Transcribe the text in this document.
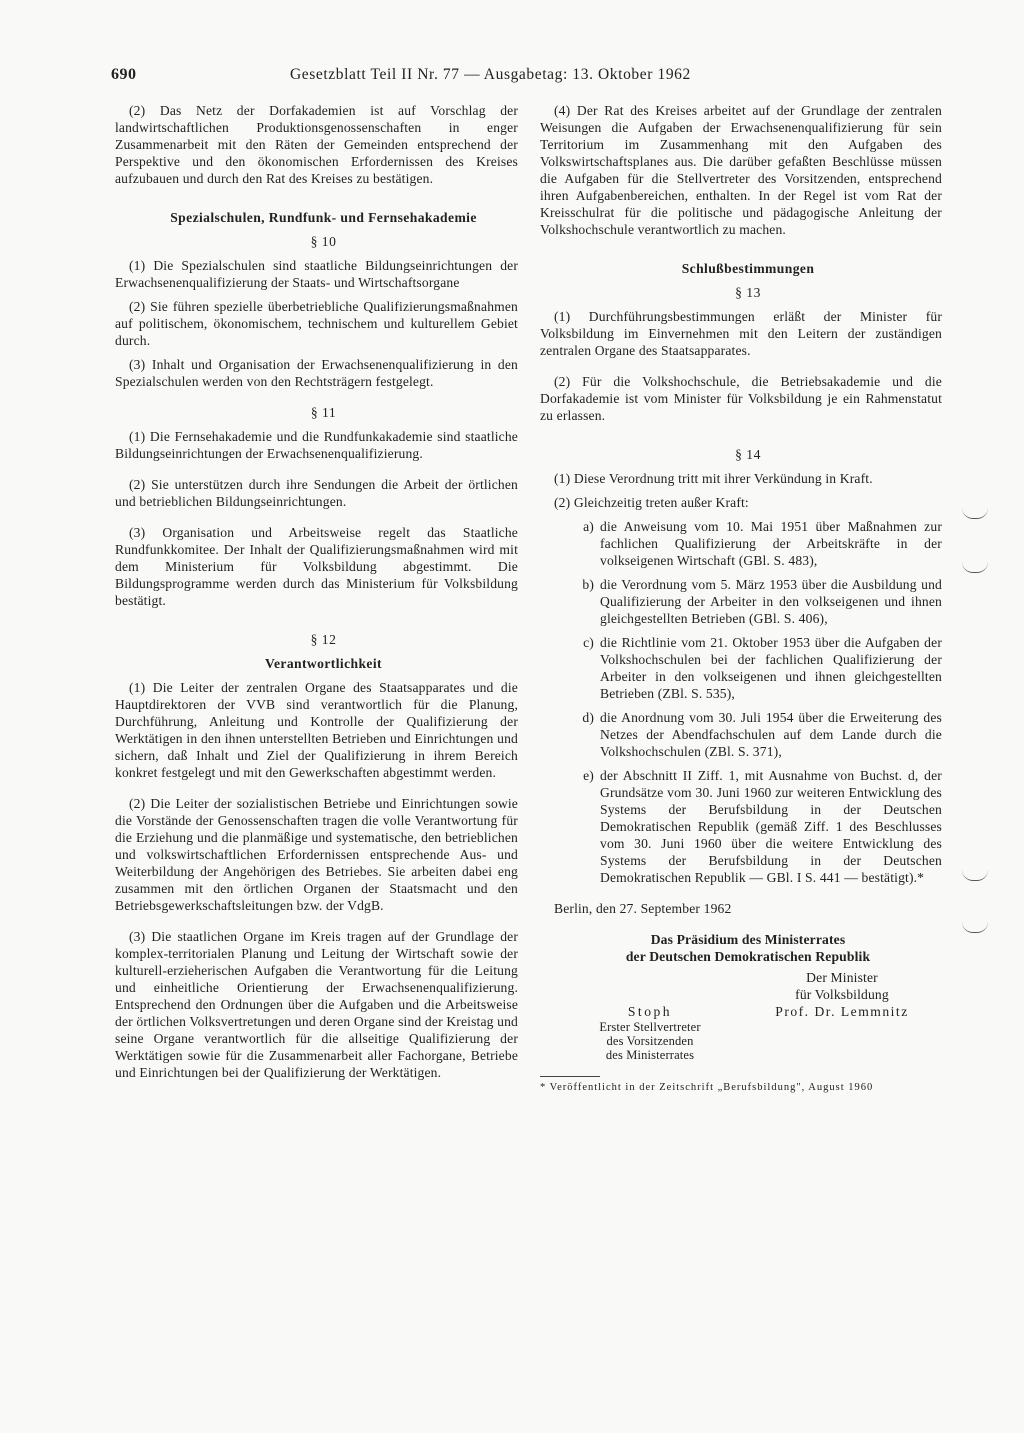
690	Gesetzblatt Teil II Nr. 77 — Ausgabetag: 13. Oktober 1962

(2) Das Netz der Dorfakademien ist auf Vorschlag der landwirtschaftlichen Produktionsgenossenschaften in enger Zusammenarbeit mit den Räten der Gemeinden entsprechend der Perspektive und den ökonomischen Erfordernissen des Kreises aufzubauen und durch den Rat des Kreises zu bestätigen.

Spezialschulen, Rundfunk- und Fernsehakademie

§ 10

(1) Die Spezialschulen sind staatliche Bildungseinrichtungen der Erwachsenenqualifizierung der Staats- und Wirtschaftsorgane

(2) Sie führen spezielle überbetriebliche Qualifizierungsmaßnahmen auf politischem, ökonomischem, technischem und kulturellem Gebiet durch.

(3) Inhalt und Organisation der Erwachsenenqualifizierung in den Spezialschulen werden von den Rechtsträgern festgelegt.

§ 11

(1) Die Fernsehakademie und die Rundfunkakademie sind staatliche Bildungseinrichtungen der Erwachsenenqualifizierung.

(2) Sie unterstützen durch ihre Sendungen die Arbeit der örtlichen und betrieblichen Bildungseinrichtungen.

(3) Organisation und Arbeitsweise regelt das Staatliche Rundfunkkomitee. Der Inhalt der Qualifizierungsmaßnahmen wird mit dem Ministerium für Volksbildung abgestimmt. Die Bildungsprogramme werden durch das Ministerium für Volksbildung bestätigt.

§ 12

Verantwortlichkeit

(1) Die Leiter der zentralen Organe des Staatsapparates und die Hauptdirektoren der VVB sind verantwortlich für die Planung, Durchführung, Anleitung und Kontrolle der Qualifizierung der Werktätigen in den ihnen unterstellten Betrieben und Einrichtungen und sichern, daß Inhalt und Ziel der Qualifizierung in ihrem Bereich konkret festgelegt und mit den Gewerkschaften abgestimmt werden.

(2) Die Leiter der sozialistischen Betriebe und Einrichtungen sowie die Vorstände der Genossenschaften tragen die volle Verantwortung für die Erziehung und die planmäßige und systematische, den betrieblichen und volkswirtschaftlichen Erfordernissen entsprechende Aus- und Weiterbildung der Angehörigen des Betriebes. Sie arbeiten dabei eng zusammen mit den örtlichen Organen der Staatsmacht und den Betriebsgewerkschaftsleitungen bzw. der VdgB.

(3) Die staatlichen Organe im Kreis tragen auf der Grundlage der komplex-territorialen Planung und Leitung der Wirtschaft sowie der kulturell-erzieherischen Aufgaben die Verantwortung für die Leitung und einheitliche Orientierung der Erwachsenenqualifizierung. Entsprechend den Ordnungen über die Aufgaben und die Arbeitsweise der örtlichen Volksvertretungen und deren Organe sind der Kreistag und seine Organe verantwortlich für die allseitige Qualifizierung der Werktätigen sowie für die Zusammenarbeit aller Fachorgane, Betriebe und Einrichtungen bei der Qualifizierung der Werktätigen.

(4) Der Rat des Kreises arbeitet auf der Grundlage der zentralen Weisungen die Aufgaben der Erwachsenenqualifizierung für sein Territorium im Zusammenhang mit den Aufgaben des Volkswirtschaftsplanes aus. Die darüber gefaßten Beschlüsse müssen die Aufgaben für die Stellvertreter des Vorsitzenden, entsprechend ihren Aufgabenbereichen, enthalten. In der Regel ist vom Rat der Kreisschulrat für die politische und pädagogische Anleitung der Volkshochschule verantwortlich zu machen.

Schlußbestimmungen

§ 13

(1) Durchführungsbestimmungen erläßt der Minister für Volksbildung im Einvernehmen mit den Leitern der zuständigen zentralen Organe des Staatsapparates.

(2) Für die Volkshochschule, die Betriebsakademie und die Dorfakademie ist vom Minister für Volksbildung je ein Rahmenstatut zu erlassen.

§ 14

(1) Diese Verordnung tritt mit ihrer Verkündung in Kraft.

(2) Gleichzeitig treten außer Kraft:

a) die Anweisung vom 10. Mai 1951 über Maßnahmen zur fachlichen Qualifizierung der Arbeitskräfte in der volkseigenen Wirtschaft (GBl. S. 483),
b) die Verordnung vom 5. März 1953 über die Ausbildung und Qualifizierung der Arbeiter in den volkseigenen und ihnen gleichgestellten Betrieben (GBl. S. 406),
c) die Richtlinie vom 21. Oktober 1953 über die Aufgaben der Volkshochschulen bei der fachlichen Qualifizierung der Arbeiter in den volkseigenen und ihnen gleichgestellten Betrieben (ZBl. S. 535),
d) die Anordnung vom 30. Juli 1954 über die Erweiterung des Netzes der Abendfachschulen auf dem Lande durch die Volkshochschulen (ZBl. S. 371),
e) der Abschnitt II Ziff. 1, mit Ausnahme von Buchst. d, der Grundsätze vom 30. Juni 1960 zur weiteren Entwicklung des Systems der Berufsbildung in der Deutschen Demokratischen Republik (gemäß Ziff. 1 des Beschlusses vom 30. Juni 1960 über die weitere Entwicklung des Systems der Berufsbildung in der Deutschen Demokratischen Republik — GBl. I S. 441 — bestätigt).*

Berlin, den 27. September 1962

Das Präsidium des Ministerrates

der Deutschen Demokratischen Republik

Stoph
Erster Stellvertreter
des Vorsitzenden
des Ministerrates
Der Minister
für Volksbildung
Prof. Dr. Lemmnitz

* Veröffentlicht in der Zeitschrift „Berufsbildung", August 1960
